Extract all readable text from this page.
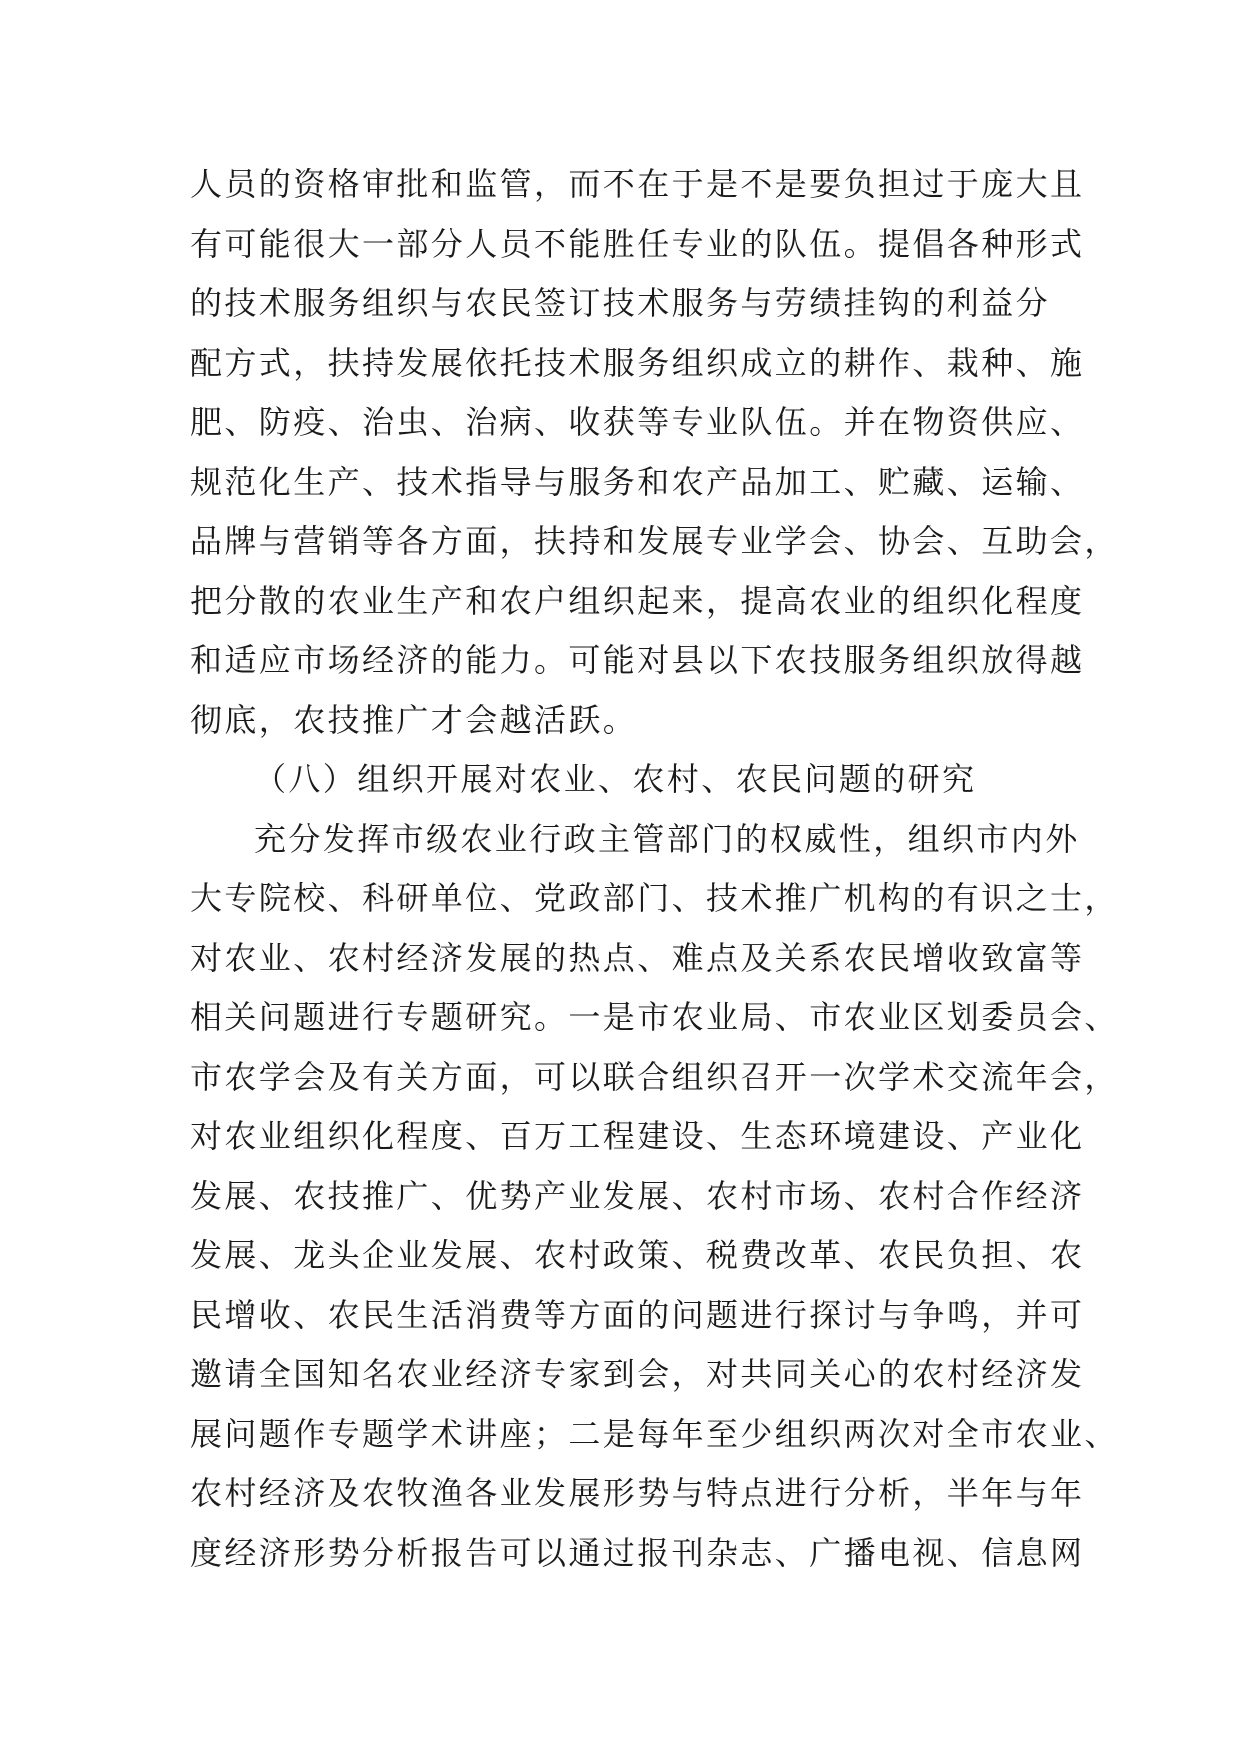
人员的资格审批和监管，而不在于是不是要负担过于庞大且
有可能很大一部分人员不能胜任专业的队伍。提倡各种形式
的技术服务组织与农民签订技术服务与劳绩挂钩的利益分
配方式，扶持发展依托技术服务组织成立的耕作、栽种、施
肥、防疫、治虫、治病、收获等专业队伍。并在物资供应、
规范化生产、技术指导与服务和农产品加工、贮藏、运输、
品牌与营销等各方面，扶持和发展专业学会、协会、互助会，
把分散的农业生产和农户组织起来，提高农业的组织化程度
和适应市场经济的能力。可能对县以下农技服务组织放得越
彻底，农技推广才会越活跃。
（八）组织开展对农业、农村、农民问题的研究
充分发挥市级农业行政主管部门的权威性，组织市内外
大专院校、科研单位、党政部门、技术推广机构的有识之士，
对农业、农村经济发展的热点、难点及关系农民增收致富等
相关问题进行专题研究。一是市农业局、市农业区划委员会、
市农学会及有关方面，可以联合组织召开一次学术交流年会，
对农业组织化程度、百万工程建设、生态环境建设、产业化
发展、农技推广、优势产业发展、农村市场、农村合作经济
发展、龙头企业发展、农村政策、税费改革、农民负担、农
民增收、农民生活消费等方面的问题进行探讨与争鸣，并可
邀请全国知名农业经济专家到会，对共同关心的农村经济发
展问题作专题学术讲座；二是每年至少组织两次对全市农业、
农村经济及农牧渔各业发展形势与特点进行分析，半年与年
度经济形势分析报告可以通过报刊杂志、广播电视、信息网
